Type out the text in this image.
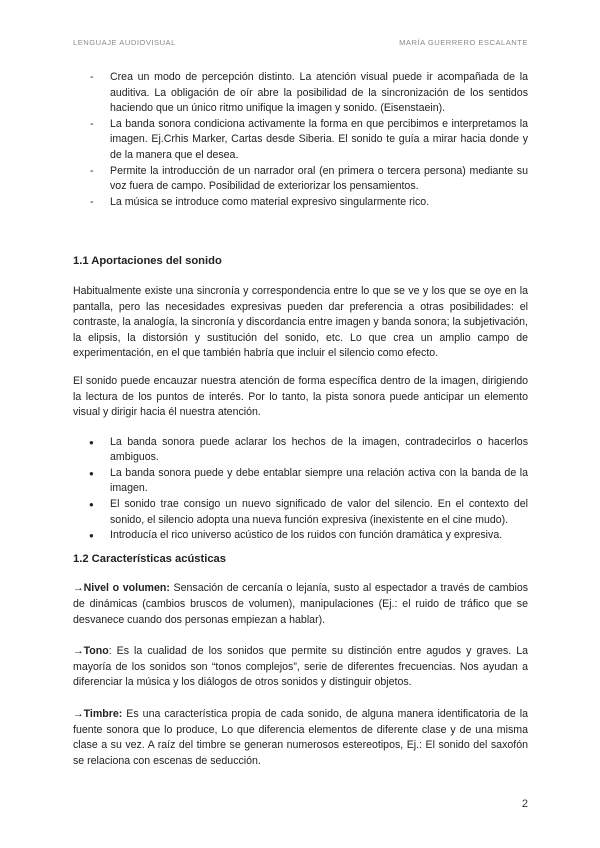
LENGUAJE AUDIOVISUAL	MARÍA GUERRERO ESCALANTE
- Crea un modo de percepción distinto. La atención visual puede ir acompañada de la auditiva. La obligación de oír abre la posibilidad de la sincronización de los sentidos haciendo que un único ritmo unifique la imagen y sonido. (Eisenstaein).
- La banda sonora condiciona activamente la forma en que percibimos e interpretamos la imagen. Ej.Crhis Marker, Cartas desde Siberia. El sonido te guía a mirar hacia donde y de la manera que el desea.
- Permite la introducción de un narrador oral (en primera o tercera persona) mediante su voz fuera de campo. Posibilidad de exteriorizar los pensamientos.
- La música se introduce como material expresivo singularmente rico.
1.1 Aportaciones del sonido

Habitualmente existe una sincronía y correspondencia entre lo que se ve y los que se oye en la pantalla, pero las necesidades expresivas pueden dar preferencia a otras posibilidades: el contraste, la analogía, la sincronía y discordancia entre imagen y banda sonora; la subjetivación, la elipsis, la distorsión y sustitución del sonido, etc. Lo que crea un amplio campo de experimentación, en el que también habría que incluir el silencio como efecto.

El sonido puede encauzar nuestra atención de forma específica dentro de la imagen, dirigiendo la lectura de los puntos de interés. Por lo tanto, la pista sonora puede anticipar un elemento visual y dirigir hacia él nuestra atención.

● La banda sonora puede aclarar los hechos de la imagen, contradecirlos o hacerlos ambiguos.
● La banda sonora puede y debe entablar siempre una relación activa con la banda de la imagen.
● El sonido trae consigo un nuevo significado de valor del silencio. En el contexto del sonido, el silencio adopta una nueva función expresiva (inexistente en el cine mudo).
● Introducía el rico universo acústico de los ruidos con función dramática y expresiva.
1.2 Características acústicas

→Nivel o volumen: Sensación de cercanía o lejanía, susto al espectador a través de cambios de dinámicas (cambios bruscos de volumen), manipulaciones (Ej.: el ruido de tráfico que se desvanece cuando dos personas empiezan a hablar).

→Tono: Es la cualidad de los sonidos que permite su distinción entre agudos y graves. La mayoría de los sonidos son “tonos complejos”, serie de diferentes frecuencias. Nos ayudan a diferenciar la música y los diálogos de otros sonidos y distinguir objetos.

→Timbre: Es una característica propia de cada sonido, de alguna manera identificatoria de la fuente sonora que lo produce, Lo que diferencia elementos de diferente clase y de una misma clase a su vez. A raíz del timbre se generan numerosos estereotipos, Ej.: El sonido del saxofón se relaciona con escenas de seducción.

2
